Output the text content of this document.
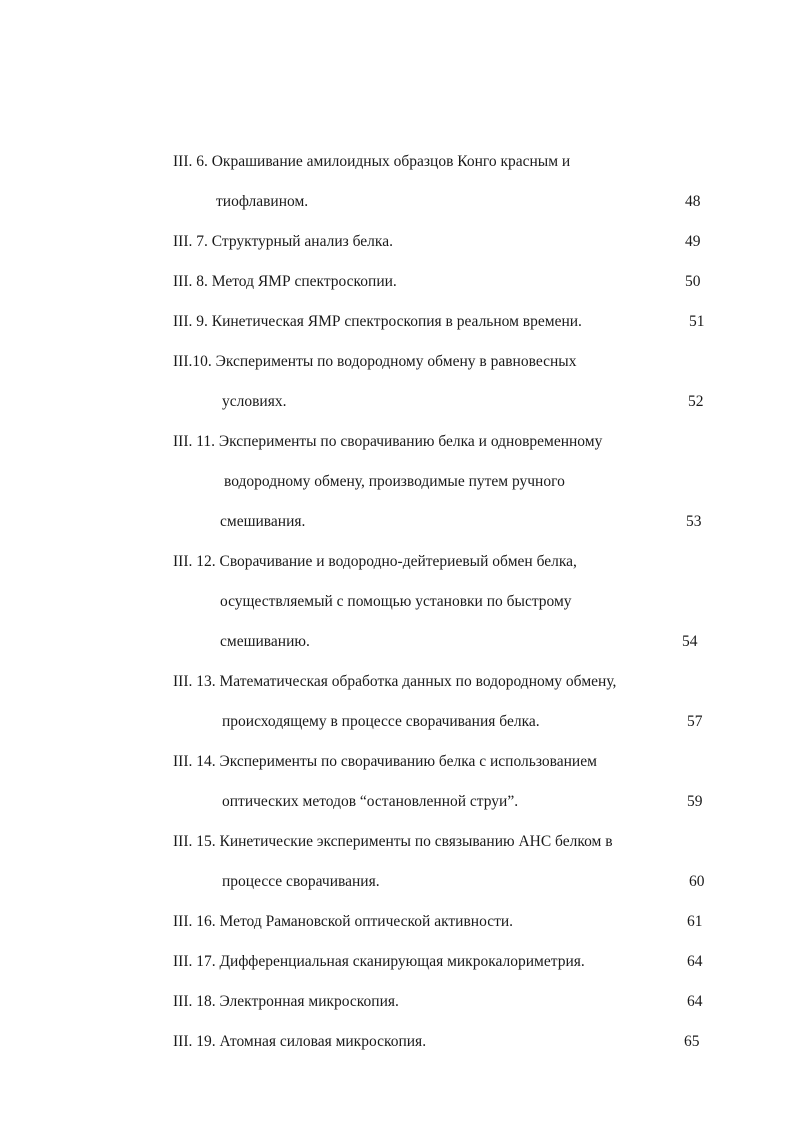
III. 6. Окрашивание амилоидных образцов Конго красным и
тиофлавином.	48
III. 7. Структурный анализ белка.	49
III. 8. Метод ЯМР спектроскопии.	50
III. 9. Кинетическая ЯМР спектроскопия в реальном времени.	51
III.10. Эксперименты по водородному обмену в равновесных
условиях.	52
III. 11. Эксперименты по сворачиванию белка и одновременному
водородному обмену, производимые путем ручного
смешивания.	53
III. 12. Сворачивание и водородно-дейтериевый обмен белка,
осуществляемый с помощью установки по быстрому
смешиванию.	54
III. 13. Математическая обработка данных по водородному обмену,
происходящему в процессе сворачивания белка.	57
III. 14. Эксперименты по сворачиванию белка с использованием
оптических методов “остановленной струи”.	59
III. 15. Кинетические эксперименты по связыванию АНС белком в
процессе сворачивания.	60
III. 16. Метод Рамановской оптической активности.	61
III. 17. Дифференциальная сканирующая микрокалориметрия.	64
III. 18. Электронная микроскопия.	64
III. 19. Атомная силовая микроскопия.	65
